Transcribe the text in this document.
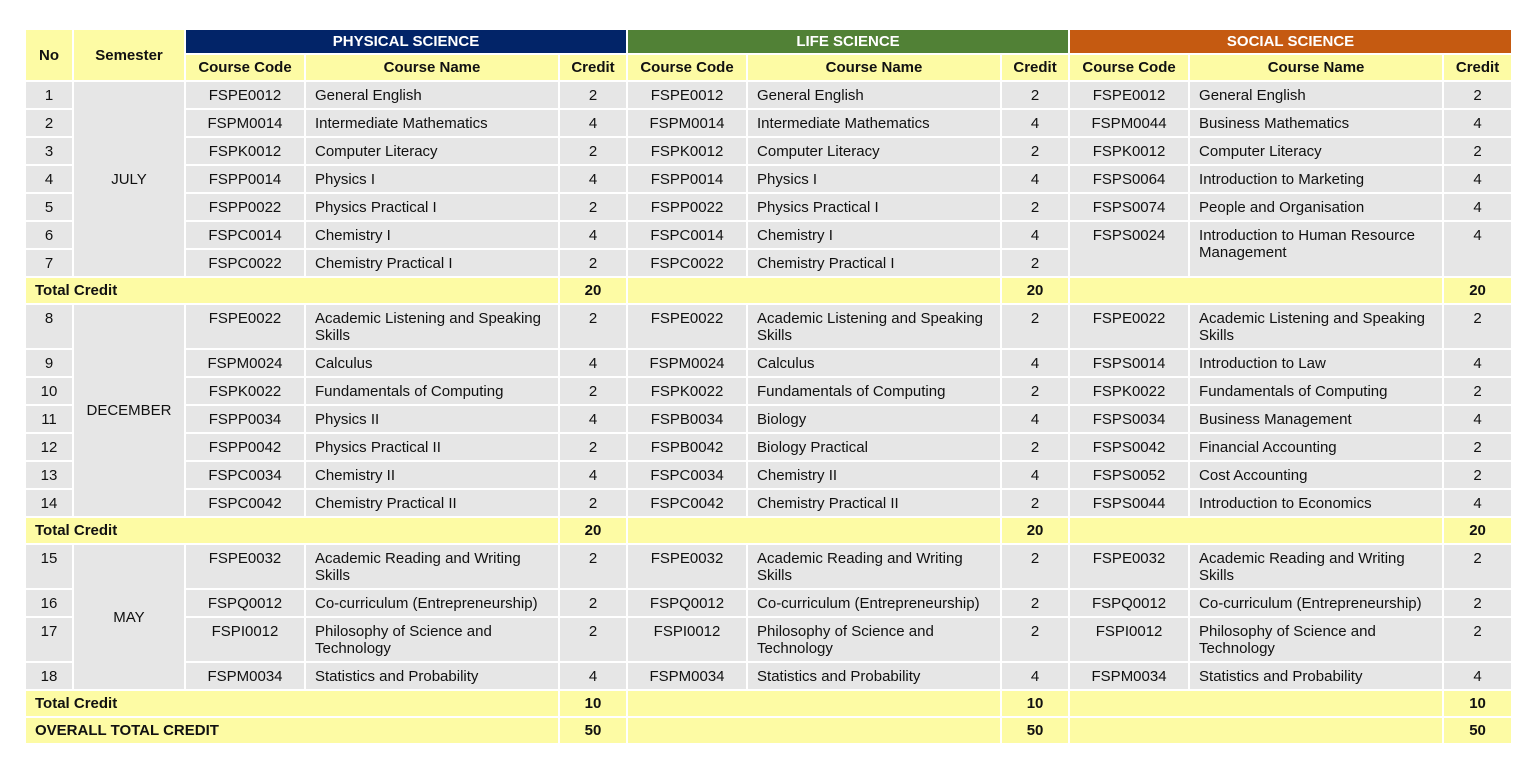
No	Semester	PHYSICAL SCIENCE			LIFE SCIENCE			SOCIAL SCIENCE		
		Course Code	Course Name	Credit	Course Code	Course Name	Credit	Course Code	Course Name	Credit
1	JULY	FSPE0012	General English	2	FSPE0012	General English	2	FSPE0012	General English	2
2		FSPM0014	Intermediate Mathematics	4	FSPM0014	Intermediate Mathematics	4	FSPM0044	Business Mathematics	4
3		FSPK0012	Computer Literacy	2	FSPK0012	Computer Literacy	2	FSPK0012	Computer Literacy	2
4		FSPP0014	Physics I	4	FSPP0014	Physics I	4	FSPS0064	Introduction to Marketing	4
5		FSPP0022	Physics Practical I	2	FSPP0022	Physics Practical I	2	FSPS0074	People and Organisation	4
6		FSPC0014	Chemistry I	4	FSPC0014	Chemistry I	4	FSPS0024	Introduction to Human Resource Management	4
7		FSPC0022	Chemistry Practical I	2	FSPC0022	Chemistry Practical I	2			
Total Credit				20			20			20
8	DECEMBER	FSPE0022	Academic Listening and Speaking Skills	2	FSPE0022	Academic Listening and Speaking Skills	2	FSPE0022	Academic Listening and Speaking Skills	2
9		FSPM0024	Calculus	4	FSPM0024	Calculus	4	FSPS0014	Introduction to Law	4
10		FSPK0022	Fundamentals of Computing	2	FSPK0022	Fundamentals of Computing	2	FSPK0022	Fundamentals of Computing	2
11		FSPP0034	Physics II	4	FSPB0034	Biology	4	FSPS0034	Business Management	4
12		FSPP0042	Physics Practical II	2	FSPB0042	Biology Practical	2	FSPS0042	Financial Accounting	2
13		FSPC0034	Chemistry II	4	FSPC0034	Chemistry II	4	FSPS0052	Cost Accounting	2
14		FSPC0042	Chemistry Practical II	2	FSPC0042	Chemistry Practical II	2	FSPS0044	Introduction to Economics	4
Total Credit				20			20			20
15	MAY	FSPE0032	Academic Reading and Writing Skills	2	FSPE0032	Academic Reading and Writing Skills	2	FSPE0032	Academic Reading and Writing Skills	2
16		FSPQ0012	Co-curriculum (Entrepreneurship)	2	FSPQ0012	Co-curriculum (Entrepreneurship)	2	FSPQ0012	Co-curriculum (Entrepreneurship)	2
17		FSPI0012	Philosophy of Science and Technology	2	FSPI0012	Philosophy of Science and Technology	2	FSPI0012	Philosophy of Science and Technology	2
18		FSPM0034	Statistics and Probability	4	FSPM0034	Statistics and Probability	4	FSPM0034	Statistics and Probability	4
Total Credit				10			10			10
OVERALL TOTAL CREDIT				50			50			50
